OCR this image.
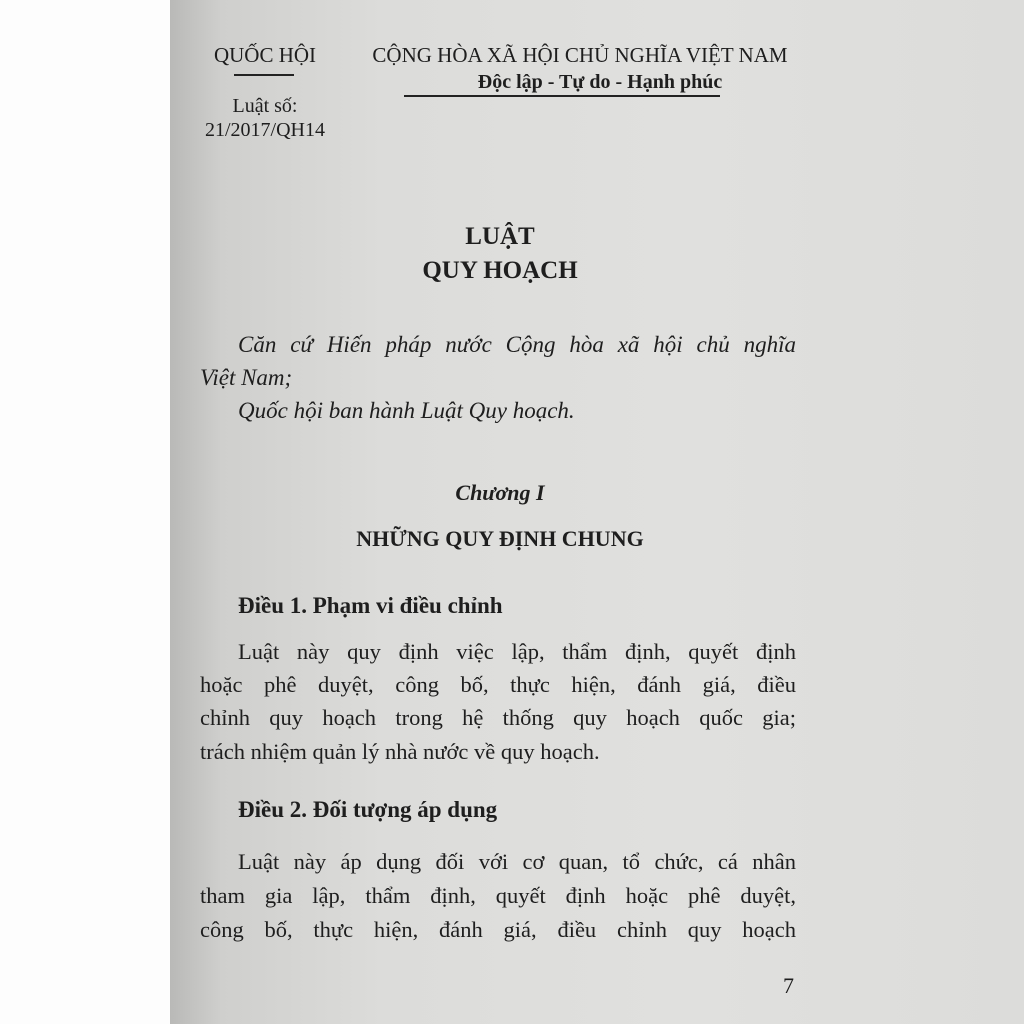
QUỐC HỘI
Luật số:
21/2017/QH14
CỘNG HÒA XÃ HỘI CHỦ NGHĨA VIỆT NAM
Độc lập - Tự do - Hạnh phúc
LUẬT
QUY HOẠCH
Căn cứ Hiến pháp nước Cộng hòa xã hội chủ nghĩa
Việt Nam;
Quốc hội ban hành Luật Quy hoạch.
Chương I
NHỮNG QUY ĐỊNH CHUNG
Điều 1. Phạm vi điều chỉnh
Luật này quy định việc lập, thẩm định, quyết định
hoặc phê duyệt, công bố, thực hiện, đánh giá, điều
chỉnh quy hoạch trong hệ thống quy hoạch quốc gia;
trách nhiệm quản lý nhà nước về quy hoạch.
Điều 2. Đối tượng áp dụng
Luật này áp dụng đối với cơ quan, tổ chức, cá nhân
tham gia lập, thẩm định, quyết định hoặc phê duyệt,
công bố, thực hiện, đánh giá, điều chỉnh quy hoạch
7
